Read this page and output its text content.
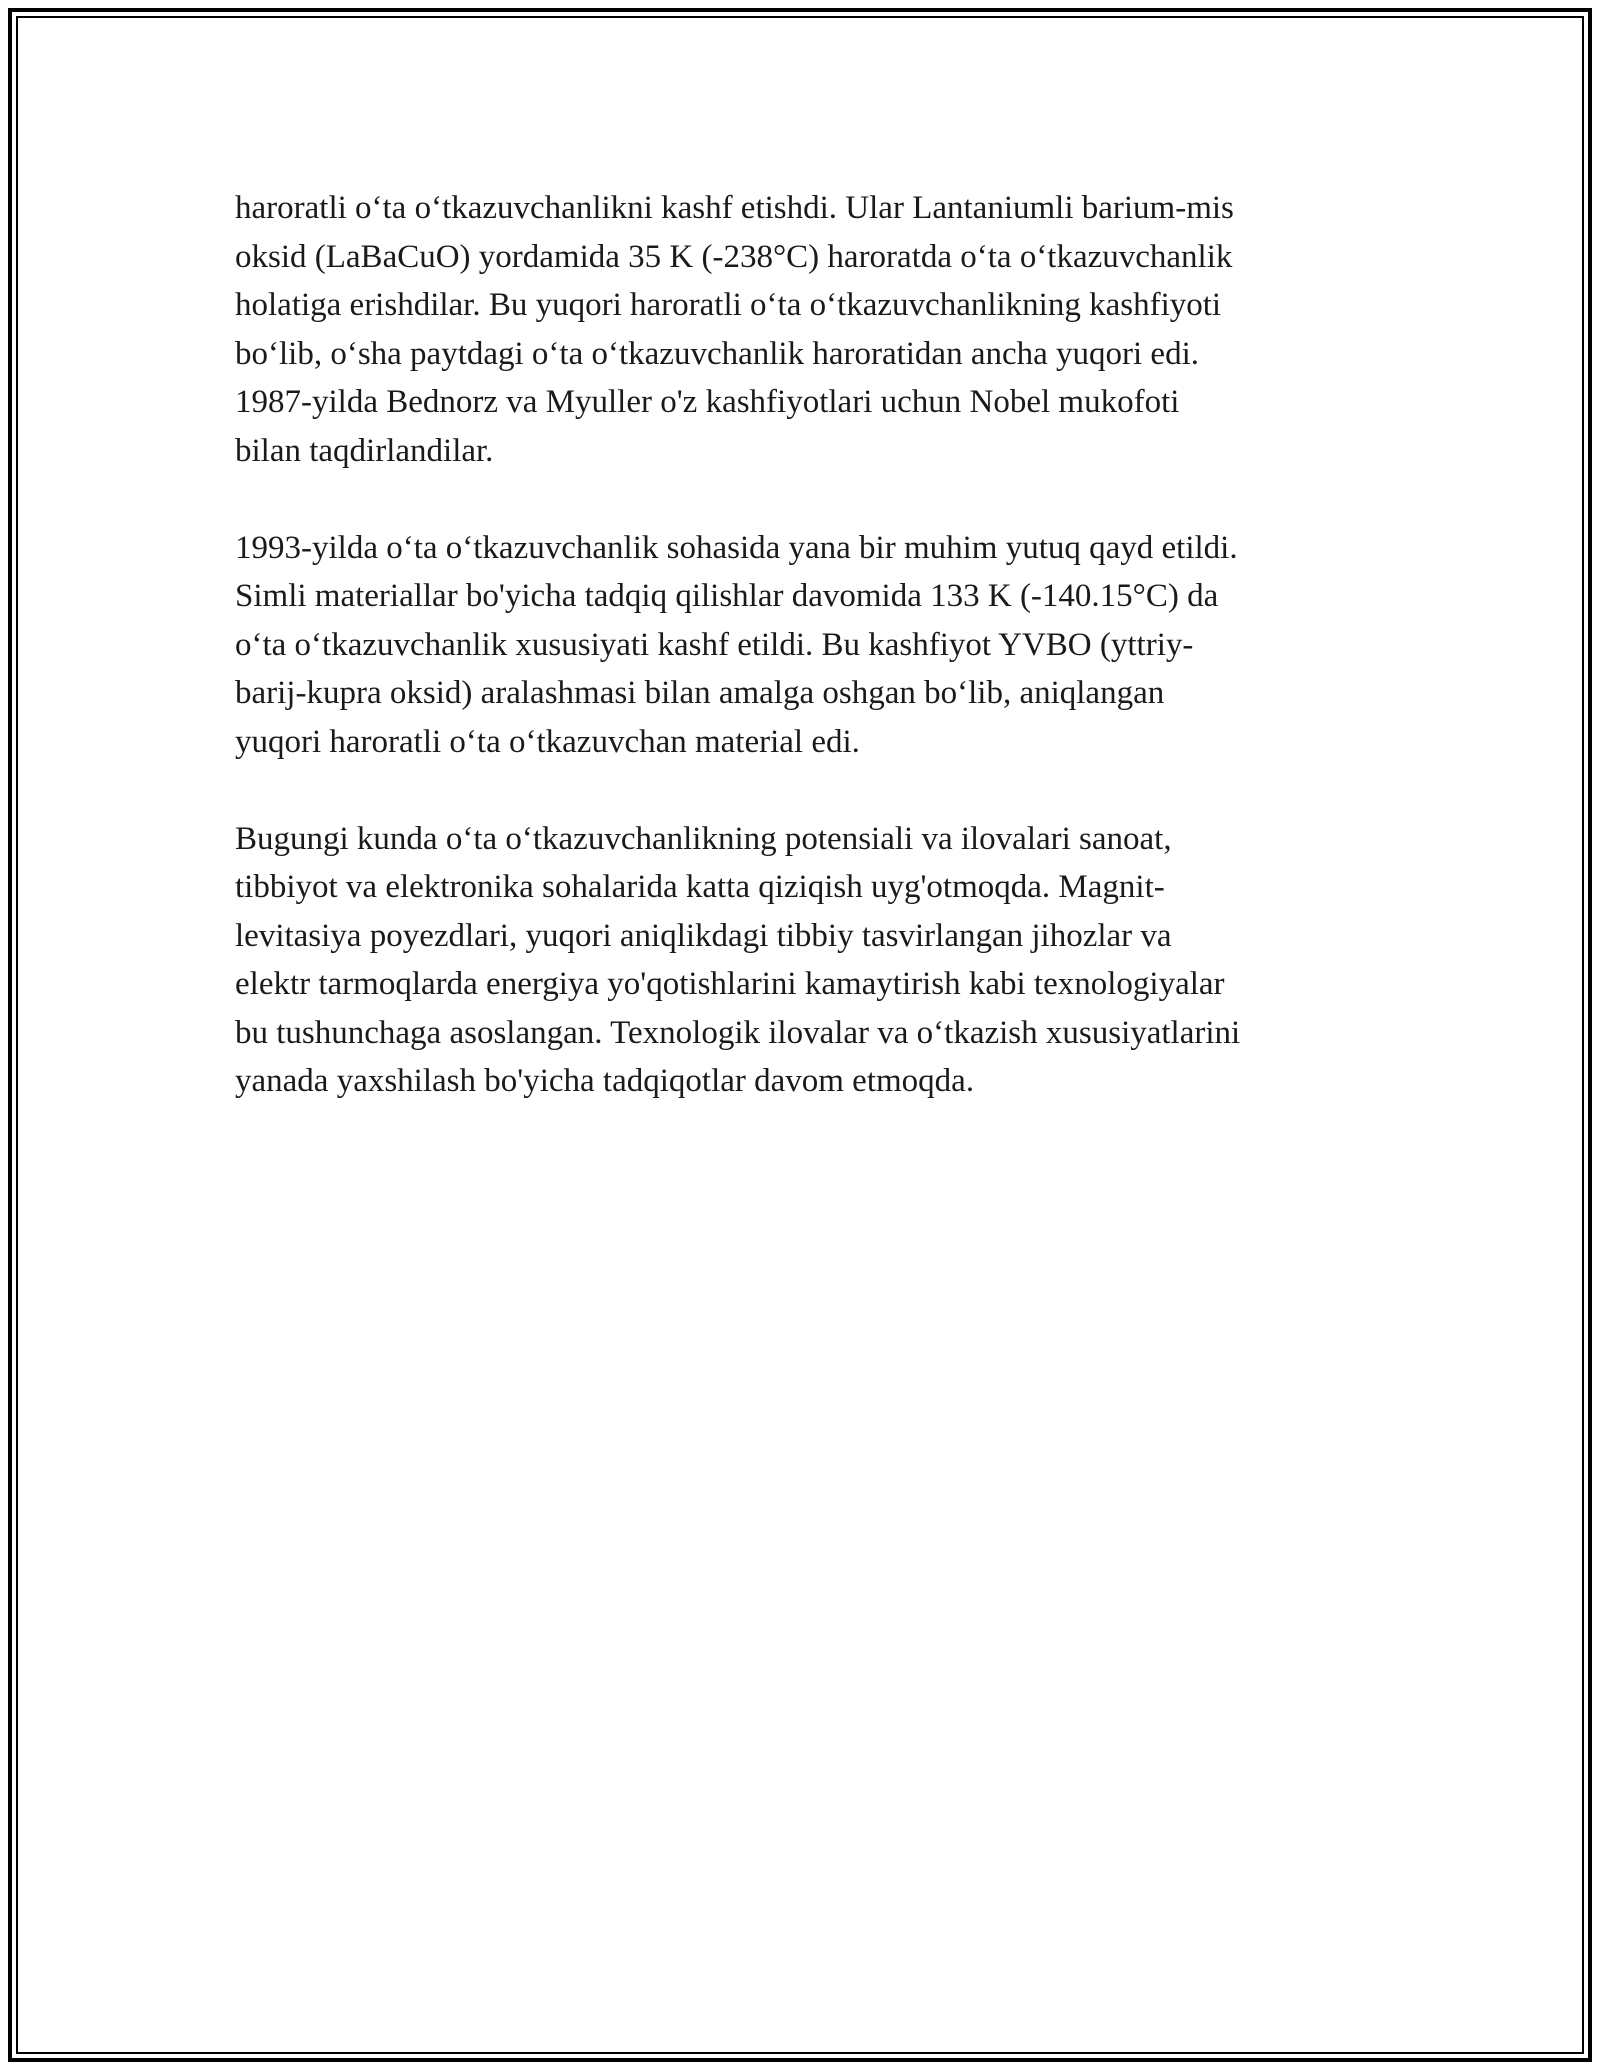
haroratli o‘ta o‘tkazuvchanlikni kashf etishdi. Ular Lantaniumli barium-mis
oksid (LaBaCuO) yordamida 35 K (-238°C) haroratda o‘ta o‘tkazuvchanlik
holatiga erishdilar. Bu yuqori haroratli o‘ta o‘tkazuvchanlikning kashfiyoti
bo‘lib, o‘sha paytdagi o‘ta o‘tkazuvchanlik haroratidan ancha yuqori edi.
1987-yilda Bednorz va Myuller o'z kashfiyotlari uchun Nobel mukofoti
bilan taqdirlandilar.

1993-yilda o‘ta o‘tkazuvchanlik sohasida yana bir muhim yutuq qayd etildi.
Simli materiallar bo'yicha tadqiq qilishlar davomida 133 K (-140.15°C) da
o‘ta o‘tkazuvchanlik xususiyati kashf etildi. Bu kashfiyot YVBO (yttriy-
barij-kupra oksid) aralashmasi bilan amalga oshgan bo‘lib, aniqlangan
yuqori haroratli o‘ta o‘tkazuvchan material edi.

Bugungi kunda o‘ta o‘tkazuvchanlikning potensiali va ilovalari sanoat,
tibbiyot va elektronika sohalarida katta qiziqish uyg'otmoqda. Magnit-
levitasiya poyezdlari, yuqori aniqlikdagi tibbiy tasvirlangan jihozlar va
elektr tarmoqlarda energiya yo'qotishlarini kamaytirish kabi texnologiyalar
bu tushunchaga asoslangan. Texnologik ilovalar va o‘tkazish xususiyatlarini
yanada yaxshilash bo'yicha tadqiqotlar davom etmoqda.
